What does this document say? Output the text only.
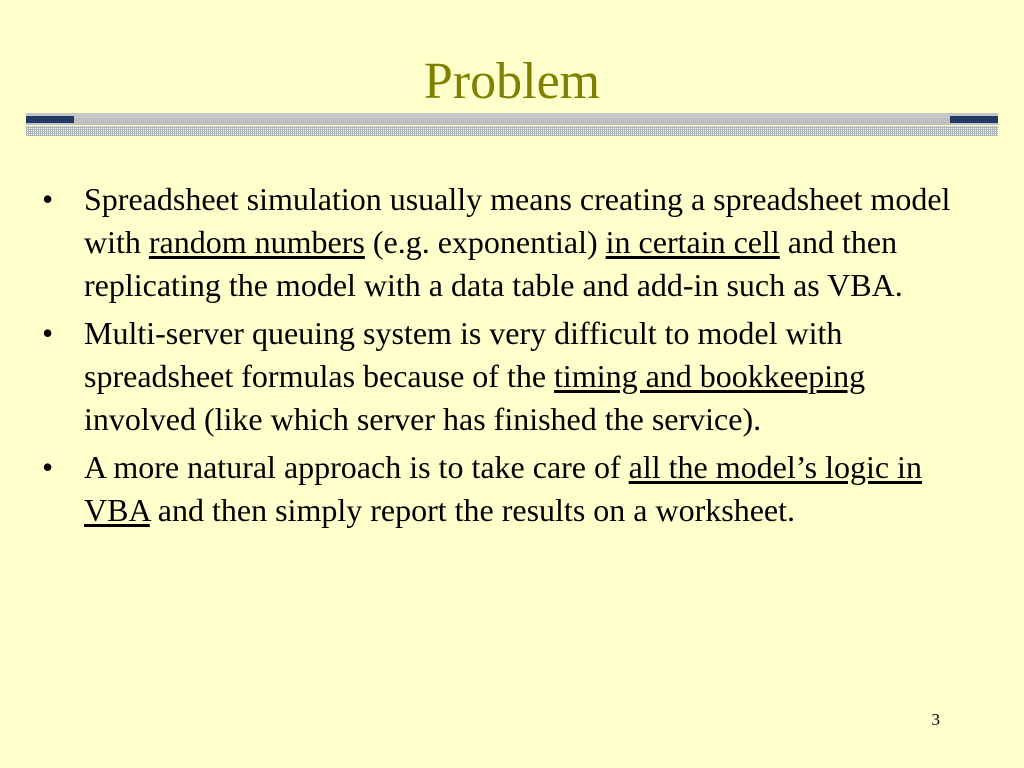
Problem
• Spreadsheet simulation usually means creating a spreadsheet model with random numbers (e.g. exponential) in certain cell and then replicating the model with a data table and add-in such as VBA.
• Multi-server queuing system is very difficult to model with spreadsheet formulas because of the timing and bookkeeping involved (like which server has finished the service).
• A more natural approach is to take care of all the model’s logic in VBA and then simply report the results on a worksheet.
3
